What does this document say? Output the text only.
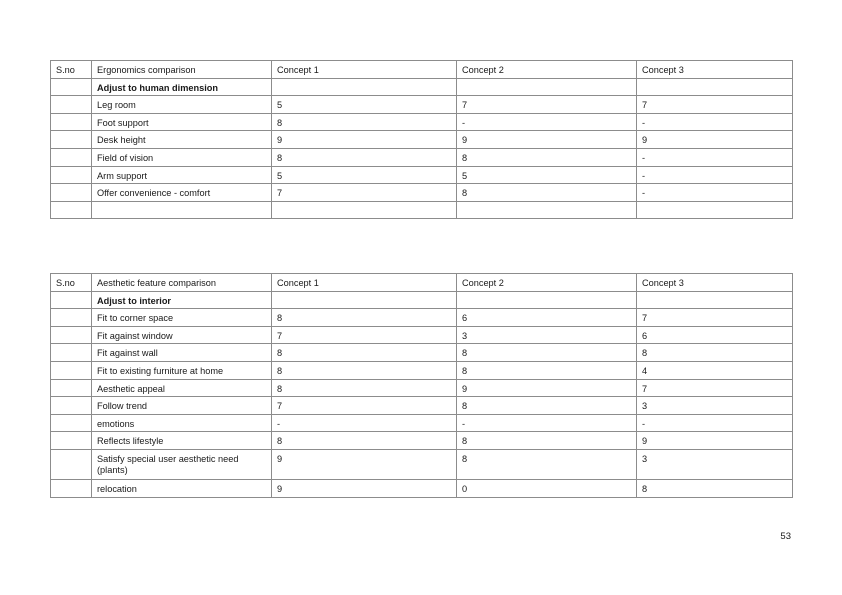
S.no	Ergonomics comparison	Concept 1	Concept 2	Concept 3
	Adjust to human dimension			
	Leg room	5	7	7
	Foot support	8	-	-
	Desk height	9	9	9
	Field of vision	8	8	-
	Arm support	5	5	-
	Offer convenience - comfort	7	8	-

S.no	Aesthetic feature comparison	Concept 1	Concept 2	Concept 3
	Adjust to interior			
	Fit to corner space	8	6	7
	Fit against window	7	3	6
	Fit against wall	8	8	8
	Fit to existing furniture at home	8	8	4
	Aesthetic appeal	8	9	7
	Follow trend	7	8	3
	emotions	-	-	-
	Reflects lifestyle	8	8	9
	Satisfy special user aesthetic need (plants)	9	8	3
	relocation	9	0	8
53
